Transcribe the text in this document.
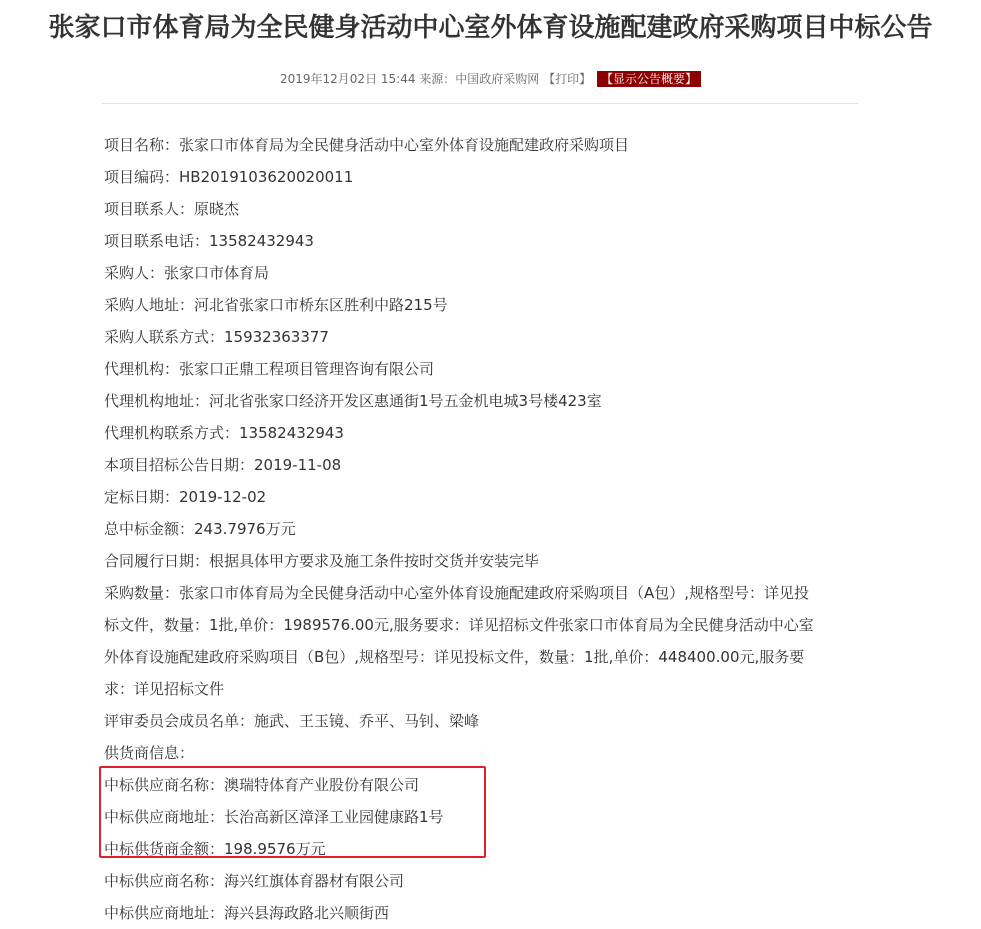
张家口市体育局为全民健身活动中心室外体育设施配建政府采购项目中标公告
2019年12月02日 15:44 来源：中国政府采购网 【打印】 【显示公告概要】
项目名称：张家口市体育局为全民健身活动中心室外体育设施配建政府采购项目
项目编码：HB2019103620020011
项目联系人：原晓杰
项目联系电话：13582432943
采购人：张家口市体育局
采购人地址：河北省张家口市桥东区胜利中路215号
采购人联系方式：15932363377
代理机构：张家口正鼎工程项目管理咨询有限公司
代理机构地址：河北省张家口经济开发区惠通街1号五金机电城3号楼423室
代理机构联系方式：13582432943
本项目招标公告日期：2019-11-08
定标日期：2019-12-02
总中标金额：243.7976万元
合同履行日期：根据具体甲方要求及施工条件按时交货并安装完毕
采购数量：张家口市体育局为全民健身活动中心室外体育设施配建政府采购项目（A包）,规格型号：详见投
标文件，数量：1批,单价：1989576.00元,服务要求：详见招标文件张家口市体育局为全民健身活动中心室
外体育设施配建政府采购项目（B包）,规格型号：详见投标文件，数量：1批,单价：448400.00元,服务要
求：详见招标文件
评审委员会成员名单：施武、王玉镜、乔平、马钊、梁峰
供货商信息：
中标供应商名称：澳瑞特体育产业股份有限公司
中标供应商地址：长治高新区漳泽工业园健康路1号
中标供货商金额：198.9576万元
中标供应商名称：海兴红旗体育器材有限公司
中标供应商地址：海兴县海政路北兴顺街西
